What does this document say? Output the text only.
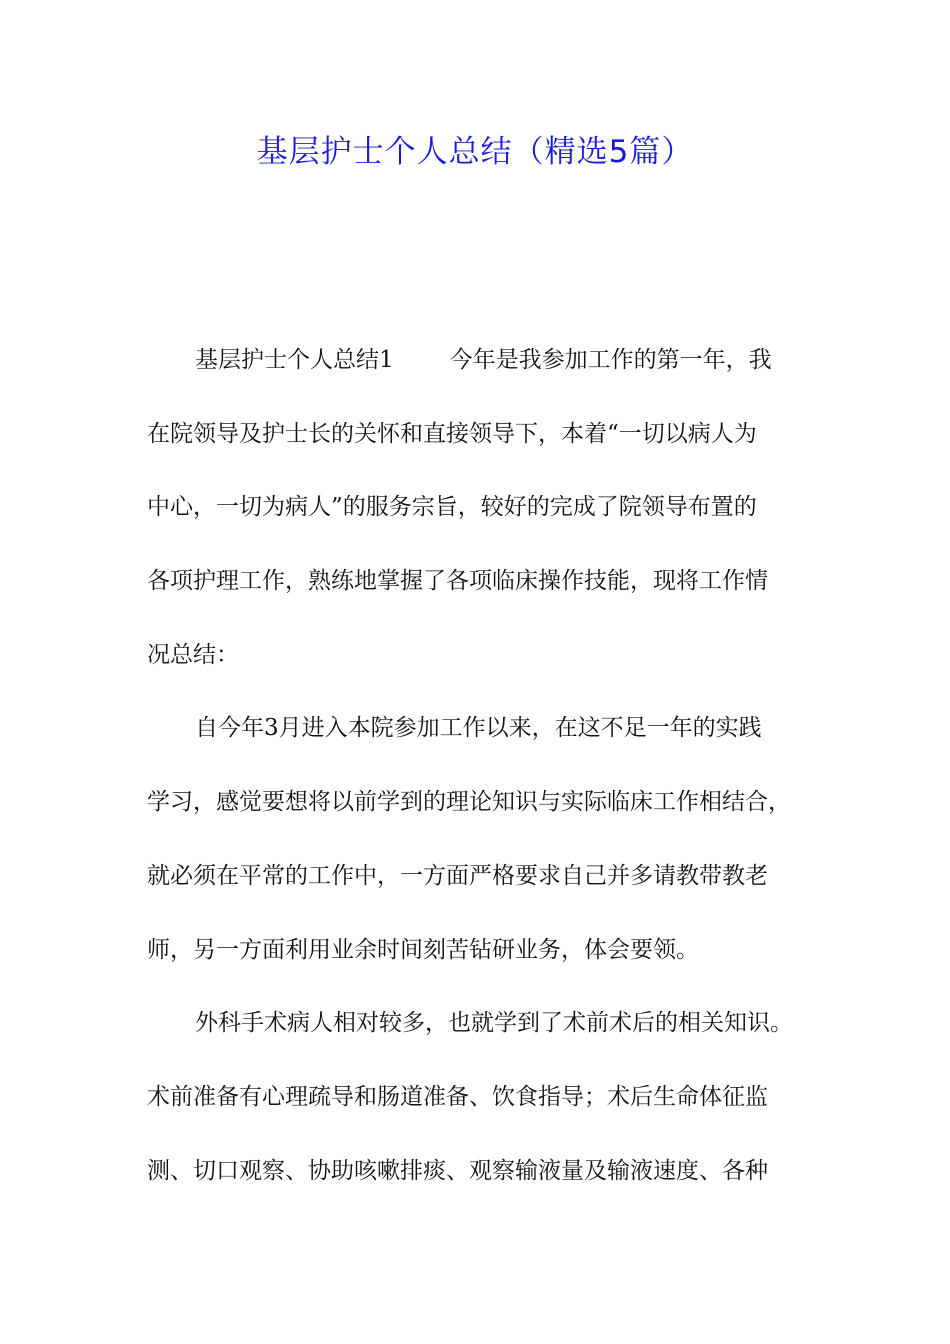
基层护士个人总结（精选5篇）
基层护士个人总结1 今年是我参加工作的第一年，我
在院领导及护士长的关怀和直接领导下，本着“一切以病人为
中心，一切为病人”的服务宗旨，较好的完成了院领导布置的
各项护理工作，熟练地掌握了各项临床操作技能，现将工作情
况总结：
自今年3月进入本院参加工作以来，在这不足一年的实践
学习，感觉要想将以前学到的理论知识与实际临床工作相结合，
就必须在平常的工作中，一方面严格要求自己并多请教带教老
师，另一方面利用业余时间刻苦钻研业务，体会要领。
外科手术病人相对较多，也就学到了术前术后的相关知识。
术前准备有心理疏导和肠道准备、饮食指导；术后生命体征监
测、切口观察、协助咳嗽排痰、观察输液量及输液速度、各种
